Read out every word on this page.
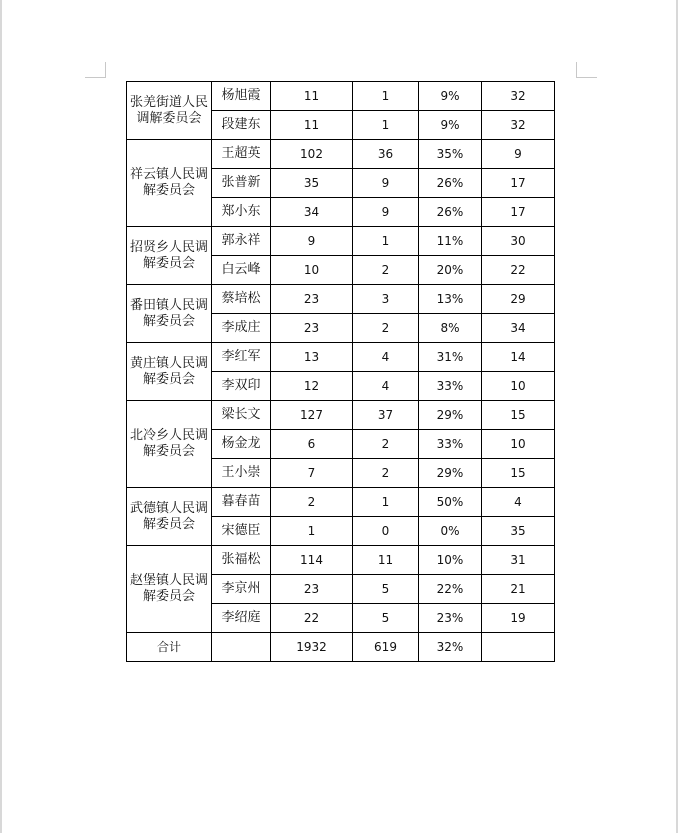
张羌街道人民调解委员会	杨旭霞	11	1	9%	32
	段建东	11	1	9%	32
祥云镇人民调解委员会	王超英	102	36	35%	9
	张普新	35	9	26%	17
	郑小东	34	9	26%	17
招贤乡人民调解委员会	郭永祥	9	1	11%	30
	白云峰	10	2	20%	22
番田镇人民调解委员会	蔡培松	23	3	13%	29
	李成庄	23	2	8%	34
黄庄镇人民调解委员会	李红军	13	4	31%	14
	李双印	12	4	33%	10
北冷乡人民调解委员会	梁长文	127	37	29%	15
	杨金龙	6	2	33%	10
	王小崇	7	2	29%	15
武德镇人民调解委员会	暮春苗	2	1	50%	4
	宋德臣	1	0	0%	35
赵堡镇人民调解委员会	张福松	114	11	10%	31
	李京州	23	5	22%	21
	李绍庭	22	5	23%	19
合计		1932	619	32%	
